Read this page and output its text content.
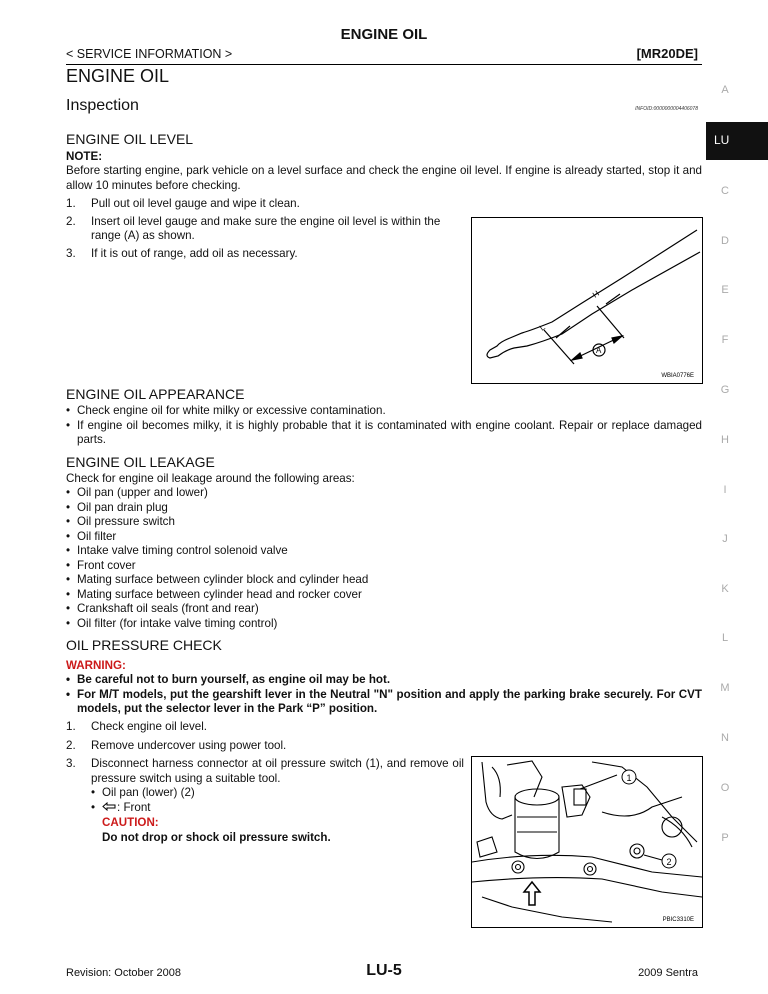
ENGINE OIL
< SERVICE INFORMATION >	[MR20DE]
ENGINE OIL
Inspection	INFOID:0000000004406078
ENGINE OIL LEVEL
NOTE:
Before starting engine, park vehicle on a level surface and check the engine oil level. If engine is already started, stop it and allow 10 minutes before checking.
1. Pull out oil level gauge and wipe it clean.
2. Insert oil level gauge and make sure the engine oil level is within the range (A) as shown.
3. If it is out of range, add oil as necessary.
L
H
A
WBIA0776E
ENGINE OIL APPEARANCE
• Check engine oil for white milky or excessive contamination.
• If engine oil becomes milky, it is highly probable that it is contaminated with engine coolant. Repair or replace damaged parts.
ENGINE OIL LEAKAGE
Check for engine oil leakage around the following areas:
• Oil pan (upper and lower)
• Oil pan drain plug
• Oil pressure switch
• Oil filter
• Intake valve timing control solenoid valve
• Front cover
• Mating surface between cylinder block and cylinder head
• Mating surface between cylinder head and rocker cover
• Crankshaft oil seals (front and rear)
• Oil filter (for intake valve timing control)
OIL PRESSURE CHECK
WARNING:
• Be careful not to burn yourself, as engine oil may be hot.
• For M/T models, put the gearshift lever in the Neutral "N" position and apply the parking brake securely. For CVT models, put the selector lever in the Park “P” position.
1. Check engine oil level.
2. Remove undercover using power tool.
3. Disconnect harness connector at oil pressure switch (1), and remove oil pressure switch using a suitable tool.
• Oil pan (lower) (2)
• : Front
CAUTION:
Do not drop or shock oil pressure switch.
1
2
PBIC3310E
A
C
D
E
F
G
H
I
J
K
L
M
N
O
P
LU
Revision: October 2008	LU-5	2009 Sentra
